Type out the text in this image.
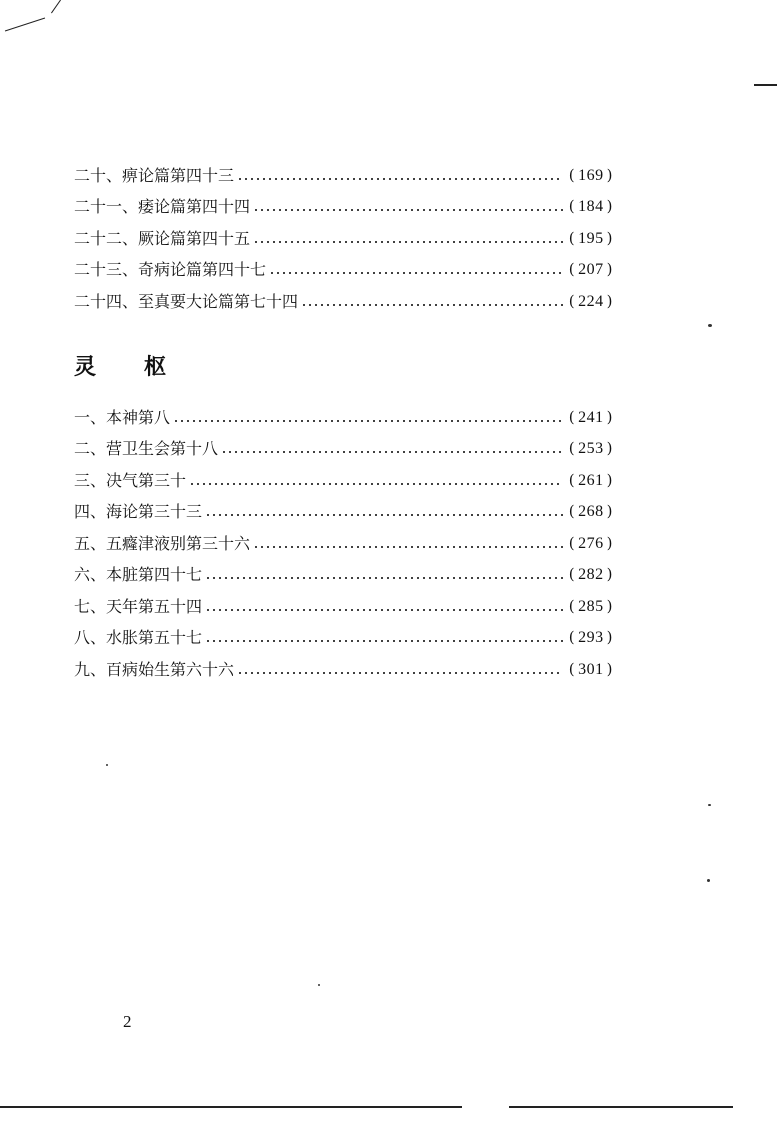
二十、痹论篇第四十三	( 169 )
二十一、痿论篇第四十四	( 184 )
二十二、厥论篇第四十五	( 195 )
二十三、奇病论篇第四十七	( 207 )
二十四、至真要大论篇第七十四	( 224 )
灵枢
一、本神第八	( 241 )
二、营卫生会第十八	( 253 )
三、决气第三十	( 261 )
四、海论第三十三	( 268 )
五、五癃津液别第三十六	( 276 )
六、本脏第四十七	( 282 )
七、天年第五十四	( 285 )
八、水胀第五十七	( 293 )
九、百病始生第六十六	( 301 )
2
